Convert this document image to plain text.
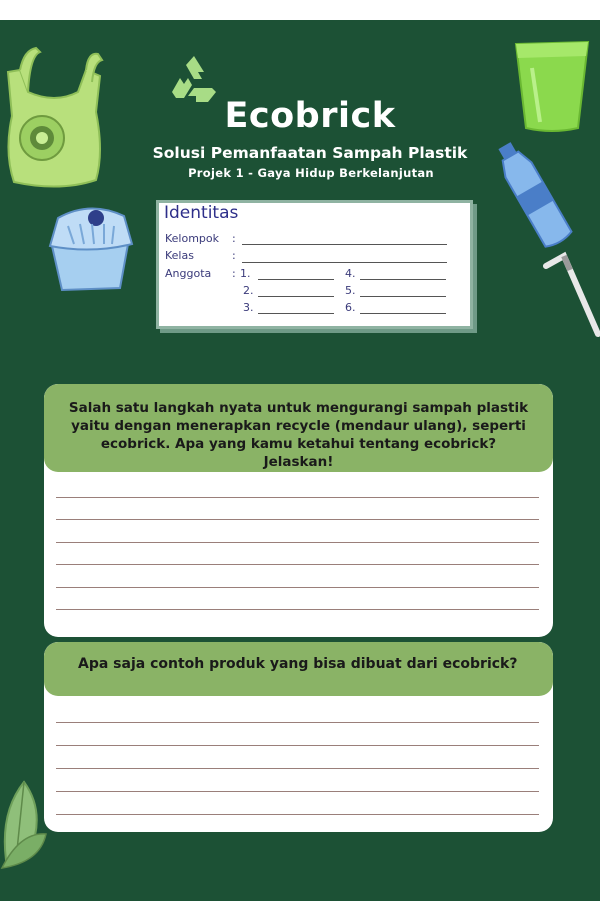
Ecobrick
Solusi Pemanfaatan Sampah Plastik
Projek 1 - Gaya Hidup Berkelanjutan
Identitas
Kelompok :
Kelas	:
Anggota : 1.
2.
3.
4.
5.
6.
Salah satu langkah nyata untuk mengurangi sampah plastik yaitu dengan menerapkan recycle (mendaur ulang), seperti ecobrick. Apa yang kamu ketahui tentang ecobrick? Jelaskan!
Apa saja contoh produk yang bisa dibuat dari ecobrick?
